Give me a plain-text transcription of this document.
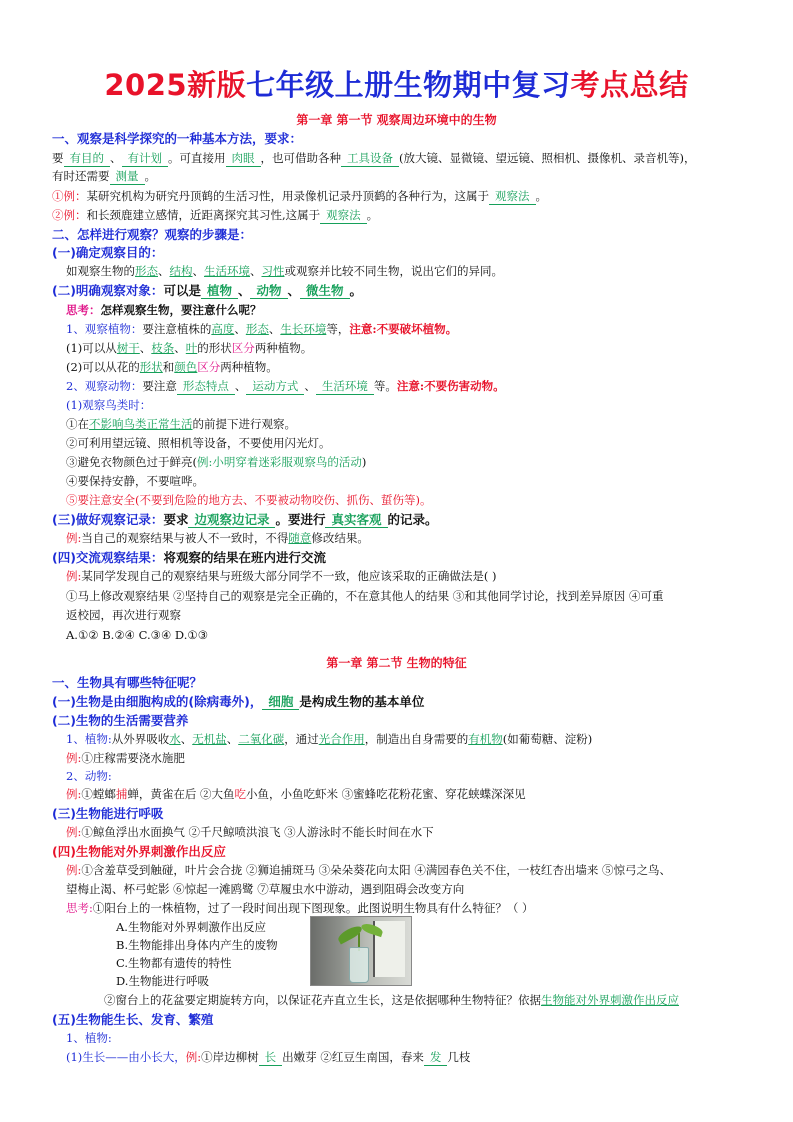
2025新版七年级上册生物期中复习考点总结
第一章 第一节 观察周边环境中的生物
一、观察是科学探究的一种基本方法，要求：
要 有目的 、 有计划 。可直接用 肉眼 ，也可借助各种 工具设备 (放大镜、显微镜、望远镜、照相机、摄像机、录音机等)，
有时还需要 测量 。
①例：某研究机构为研究丹顶鹤的生活习性，用录像机记录丹顶鹤的各种行为，这属于 观察法 。
②例：和长颈鹿建立感情，近距离探究其习性,这属于 观察法 。
二、怎样进行观察？观察的步骤是：
(一)确定观察目的：
如观察生物的形态、结构、生活环境、习性或观察并比较不同生物，说出它们的异同。
(二)明确观察对象：可以是 植物 、 动物 、 微生物 。
思考：怎样观察生物，要注意什么呢？
1、观察植物：要注意植株的高度、形态、生长环境等，注意:不要破坏植物。
(1)可以从树干、枝条、叶的形状区分两种植物。
(2)可以从花的形状和颜色区分两种植物。
2、观察动物：要注意 形态特点 、 运动方式 、 生活环境 等。注意:不要伤害动物。
(1)观察鸟类时：
①在不影响鸟类正常生活的前提下进行观察。
②可利用望远镜、照相机等设备，不要使用闪光灯。
③避免衣物颜色过于鲜亮(例:小明穿着迷彩服观察鸟的活动)
④要保持安静，不要喧哗。
⑤要注意安全(不要到危险的地方去、不要被动物咬伤、抓伤、蜇伤等)。
(三)做好观察记录：要求 边观察边记录 。要进行 真实客观 的记录。
例:当自己的观察结果与被人不一致时，不得随意修改结果。
(四)交流观察结果：将观察的结果在班内进行交流
例:某同学发现自己的观察结果与班级大部分同学不一致，他应该采取的正确做法是( )
①马上修改观察结果 ②坚持自己的观察是完全正确的，不在意其他人的结果 ③和其他同学讨论，找到差异原因 ④可重
返校园，再次进行观察
A.①② B.②④ C.③④ D.①③
第一章 第二节 生物的特征
一、生物具有哪些特征呢？
(一)生物是由细胞构成的(除病毒外)， 细胞 是构成生物的基本单位
(二)生物的生活需要营养
1、植物:从外界吸收水、无机盐、二氧化碳，通过光合作用，制造出自身需要的有机物(如葡萄糖、淀粉)
例:①庄稼需要浇水施肥
2、动物:
例:①螳螂捕蝉，黄雀在后 ②大鱼吃小鱼，小鱼吃虾米 ③蜜蜂吃花粉花蜜、穿花蛱蝶深深见
(三)生物能进行呼吸
例:①鲸鱼浮出水面换气 ②千尺鲸喷洪浪飞 ③人游泳时不能长时间在水下
(四)生物能对外界刺激作出反应
例:①含羞草受到触碰，叶片会合拢 ②狮追捕斑马 ③朵朵葵花向太阳 ④满园春色关不住，一枝红杏出墙来 ⑤惊弓之鸟、
望梅止渴、杯弓蛇影 ⑥惊起一滩鸥鹭 ⑦草履虫水中游动，遇到阻碍会改变方向
思考:①阳台上的一株植物，过了一段时间出现下图现象。此图说明生物具有什么特征？（ ）
A.生物能对外界刺激作出反应
B.生物能排出身体内产生的废物
C.生物都有遗传的特性
D.生物能进行呼吸
②窗台上的花盆要定期旋转方向，以保证花卉直立生长，这是依据哪种生物特征？依据生物能对外界刺激作出反应
(五)生物能生长、发育、繁殖
1、植物:
(1)生长——由小长大，例:①岸边柳树 长 出嫩芽 ②红豆生南国，春来 发 几枝
